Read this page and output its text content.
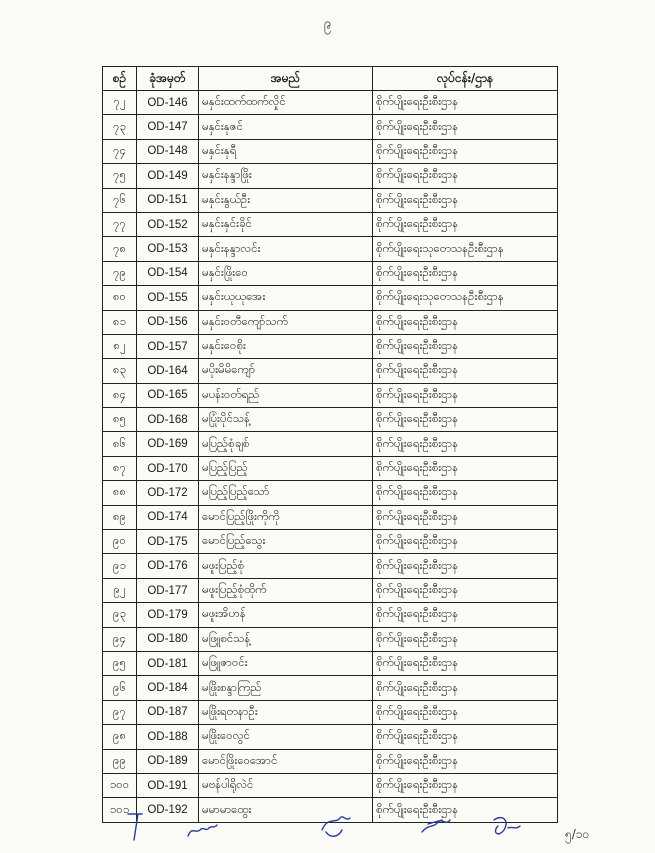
၉
စဉ်	ခုံအမှတ်	အမည်	လုပ်ငန်း/ဌာန
၇၂	OD-146	မနှင်းထက်ထက်လှိုင်	စိုက်ပျိုးရေးဦးစီးဌာန
၇၃	OD-147	မနှင်းနုဇင်	စိုက်ပျိုးရေးဦးစီးဌာန
၇၄	OD-148	မနှင်းနုရီ	စိုက်ပျိုးရေးဦးစီးဌာန
၇၅	OD-149	မနှင်းနန္ဒာဖြိုး	စိုက်ပျိုးရေးဦးစီးဌာန
၇၆	OD-151	မနှင်းနွယ်ဦး	စိုက်ပျိုးရေးဦးစီးဌာန
၇၇	OD-152	မနှင်းနှင်းခိုင်	စိုက်ပျိုးရေးဦးစီးဌာန
၇၈	OD-153	မနှင်းနန္ဒာလင်း	စိုက်ပျိုးရေးသုတေသနဦးစီးဌာန
၇၉	OD-154	မနှင်းဖြိုးဝေ	စိုက်ပျိုးရေးဦးစီးဌာန
၈၀	OD-155	မနှင်းယုယုအေး	စိုက်ပျိုးရေးသုတေသနဦးစီးဌာန
၈၁	OD-156	မနှင်းဝတီကျော်သက်	စိုက်ပျိုးရေးဦးစီးဌာန
၈၂	OD-157	မနှင်းဝေစိုး	စိုက်ပျိုးရေးဦးစီးဌာန
၈၃	OD-164	မပိုးမိမိကျော်	စိုက်ပျိုးရေးဦးစီးဌာန
၈၄	OD-165	မပန်းဝတ်ရည်	စိုက်ပျိုးရေးဦးစီးဌာန
၈၅	OD-168	မပြုံးပိုင်သန့်	စိုက်ပျိုးရေးဦးစီးဌာန
၈၆	OD-169	မပြည့်စုံချစ်	စိုက်ပျိုးရေးဦးစီးဌာန
၈၇	OD-170	မပြည့်ပြည့်	စိုက်ပျိုးရေးဦးစီးဌာန
၈၈	OD-172	မပြည့်ပြည့်သော်	စိုက်ပျိုးရေးဦးစီးဌာန
၈၉	OD-174	မောင်ပြည့်ဖြိုးကိုကို	စိုက်ပျိုးရေးဦးစီးဌာန
၉၀	OD-175	မောင်ပြည့်သွေး	စိုက်ပျိုးရေးဦးစီးဌာန
၉၁	OD-176	မဖူးပြည့်စုံ	စိုက်ပျိုးရေးဦးစီးဌာန
၉၂	OD-177	မဖူးပြည့်စုံထိုက်	စိုက်ပျိုးရေးဦးစီးဌာန
၉၃	OD-179	မဖူးအိဟန်	စိုက်ပျိုးရေးဦးစီးဌာန
၉၄	OD-180	မဖြူစင်သန့်	စိုက်ပျိုးရေးဦးစီးဌာန
၉၅	OD-181	မဖြူဇာဝင်း	စိုက်ပျိုးရေးဦးစီးဌာန
၉၆	OD-184	မဖြိုးစန္ဒာကြည်	စိုက်ပျိုးရေးဦးစီးဌာန
၉၇	OD-187	မဖြိုးရတနာဦး	စိုက်ပျိုးရေးဦးစီးဌာန
၉၈	OD-188	မဖြိုးဝေလွင်	စိုက်ပျိုးရေးဦးစီးဌာန
၉၉	OD-189	မောင်ဖြိုးဝေအောင်	စိုက်ပျိုးရေးဦးစီးဌာန
၁၀၀	OD-191	မဗန်ပါရိုလဲင်	စိုက်ပျိုးရေးဦးစီးဌာန
၁၀၁	OD-192	မမာမာထွေး	စိုက်ပျိုးရေးဦးစီးဌာန
၅/၁၀
